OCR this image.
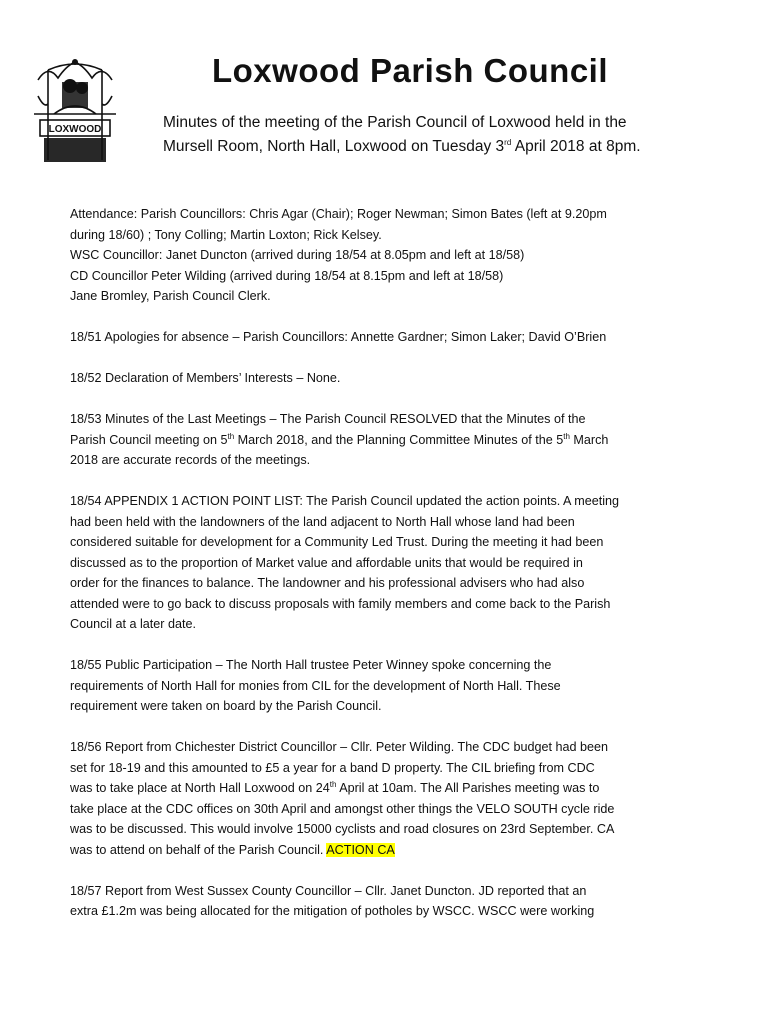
LOXWOOD
Loxwood Parish Council
Minutes of the meeting of the Parish Council of Loxwood held in the
Mursell Room, North Hall, Loxwood on Tuesday 3rd April 2018 at 8pm.

Attendance: Parish Councillors: Chris Agar (Chair); Roger Newman; Simon Bates (left at 9.20pm

during 18/60) ; Tony Colling; Martin Loxton; Rick Kelsey.

WSC Councillor: Janet Duncton (arrived during 18/54 at 8.05pm and left at 18/58)

CD Councillor Peter Wilding (arrived during 18/54 at 8.15pm and left at 18/58)

Jane Bromley, Parish Council Clerk.

18/51 Apologies for absence – Parish Councillors: Annette Gardner; Simon Laker; David O’Brien

18/52 Declaration of Members’ Interests – None.

18/53 Minutes of the Last Meetings – The Parish Council RESOLVED that the Minutes of the

Parish Council meeting on 5th March 2018, and the Planning Committee Minutes of the 5th March

2018 are accurate records of the meetings.

18/54 APPENDIX 1 ACTION POINT LIST: The Parish Council updated the action points. A meeting

had been held with the landowners of the land adjacent to North Hall whose land had been

considered suitable for development for a Community Led Trust. During the meeting it had been

discussed as to the proportion of Market value and affordable units that would be required in

order for the finances to balance. The landowner and his professional advisers who had also

attended were to go back to discuss proposals with family members and come back to the Parish

Council at a later date.

18/55 Public Participation – The North Hall trustee Peter Winney spoke concerning the

requirements of North Hall for monies from CIL for the development of North Hall. These

requirement were taken on board by the Parish Council.

18/56 Report from Chichester District Councillor – Cllr. Peter Wilding. The CDC budget had been

set for 18-19 and this amounted to £5 a year for a band D property. The CIL briefing from CDC

was to take place at North Hall Loxwood on 24th April at 10am. The All Parishes meeting was to

take place at the CDC offices on 30th April and amongst other things the VELO SOUTH cycle ride

was to be discussed. This would involve 15000 cyclists and road closures on 23rd September. CA

was to attend on behalf of the Parish Council. ACTION CA

18/57 Report from West Sussex County Councillor – Cllr. Janet Duncton. JD reported that an

extra £1.2m was being allocated for the mitigation of potholes by WSCC. WSCC were working
